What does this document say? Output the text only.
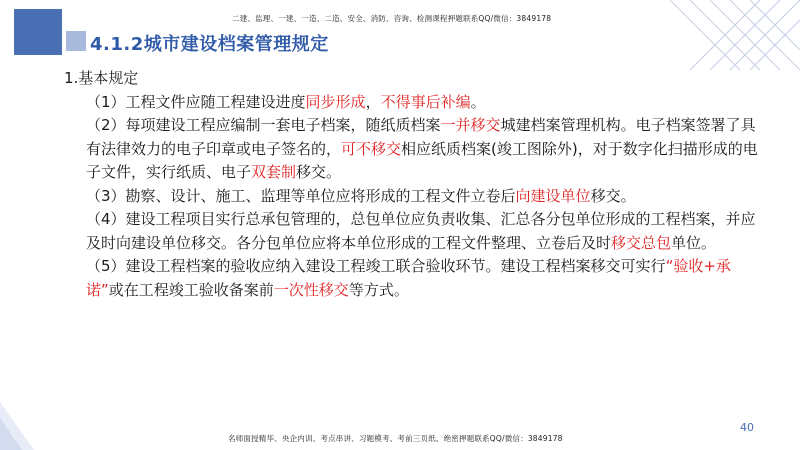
二建、监理、一建、一造、二造、安全、消防、咨询、检测课程押题联系QQ/微信：3849178
4.1.2城市建设档案管理规定

1.基本规定

（1）工程文件应随工程建设进度同步形成，不得事后补编。

（2）每项建设工程应编制一套电子档案，随纸质档案一并移交城建档案管理机构。电子档案签署了具有法律效力的电子印章或电子签名的，可不移交相应纸质档案(竣工图除外)，对于数字化扫描形成的电子文件，实行纸质、电子双套制移交。

（3）勘察、设计、施工、监理等单位应将形成的工程文件立卷后向建设单位移交。

（4）建设工程项目实行总承包管理的，总包单位应负责收集、汇总各分包单位形成的工程档案，并应及时向建设单位移交。各分包单位应将本单位形成的工程文件整理、立卷后及时移交总包单位。

（5）建设工程档案的验收应纳入建设工程竣工联合验收环节。建设工程档案移交可实行“验收+承诺”或在工程竣工验收备案前一次性移交等方式。

40
名师面授精华、央企内训、考点串讲、习题模考、考前三页纸、绝密押题联系QQ/微信：3849178
